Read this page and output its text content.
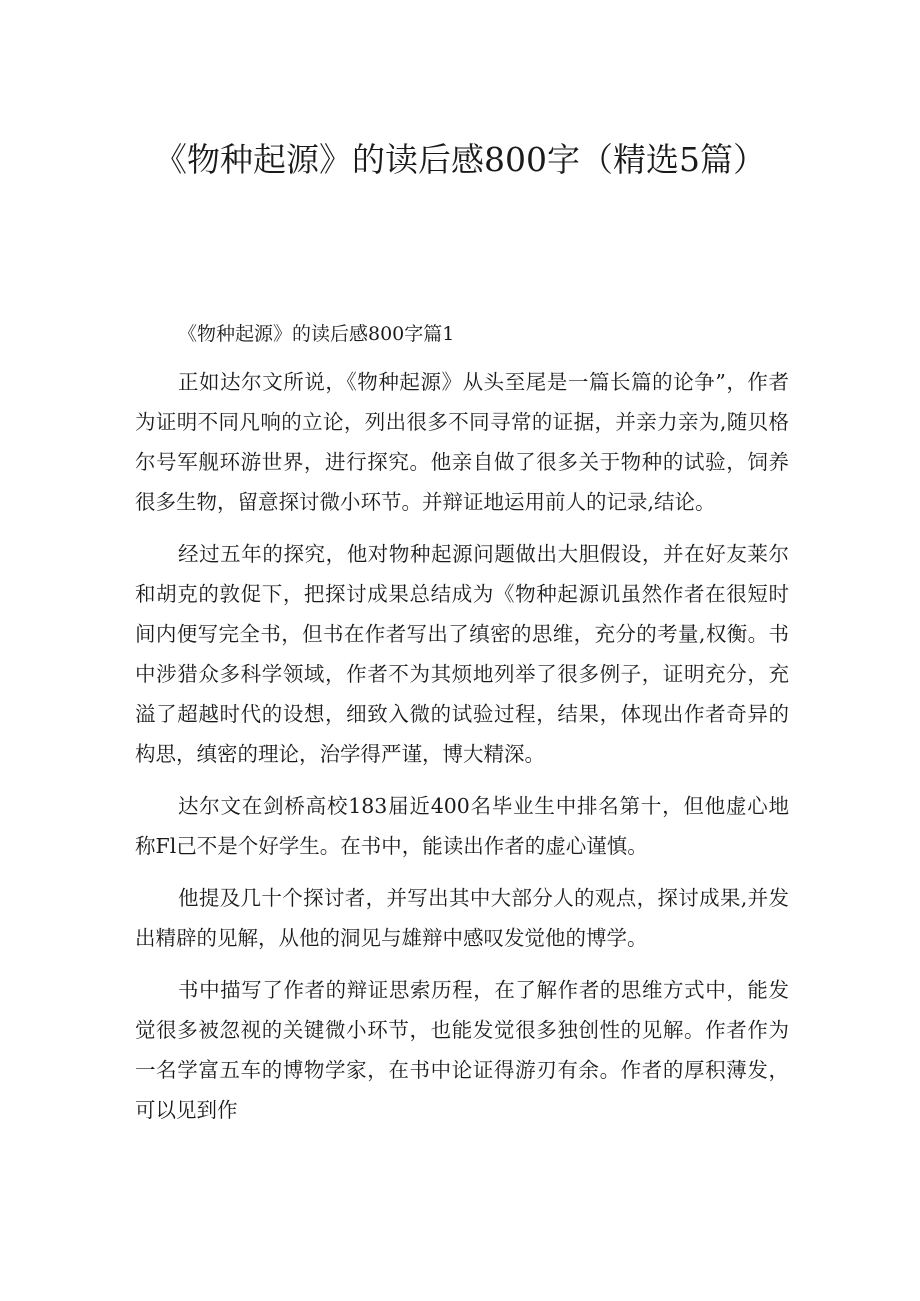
《物种起源》的读后感800字（精选5篇）
《物种起源》的读后感800字篇1

正如达尔文所说，《物种起源》从头至尾是一篇长篇的论争”，作者为证明不同凡响的立论，列出很多不同寻常的证据，并亲力亲为,随贝格尔号军舰环游世界，进行探究。他亲自做了很多关于物种的试验，饲养很多生物，留意探讨微小环节。并辩证地运用前人的记录,结论。

经过五年的探究，他对物种起源问题做出大胆假设，并在好友莱尔和胡克的敦促下，把探讨成果总结成为《物种起源讥虽然作者在很短时间内便写完全书，但书在作者写出了缜密的思维，充分的考量,权衡。书中涉猎众多科学领域，作者不为其烦地列举了很多例子，证明充分，充溢了超越时代的设想，细致入微的试验过程，结果，体现出作者奇异的构思，缜密的理论，治学得严谨，博大精深。

达尔文在剑桥高校183届近400名毕业生中排名第十，但他虚心地称Fl己不是个好学生。在书中，能读出作者的虚心谨慎。

他提及几十个探讨者，并写出其中大部分人的观点，探讨成果,并发出精辟的见解，从他的洞见与雄辩中感叹发觉他的博学。

书中描写了作者的辩证思索历程，在了解作者的思维方式中，能发觉很多被忽视的关键微小环节，也能发觉很多独创性的见解。作者作为一名学富五车的博物学家，在书中论证得游刃有余。作者的厚积薄发，可以见到作
